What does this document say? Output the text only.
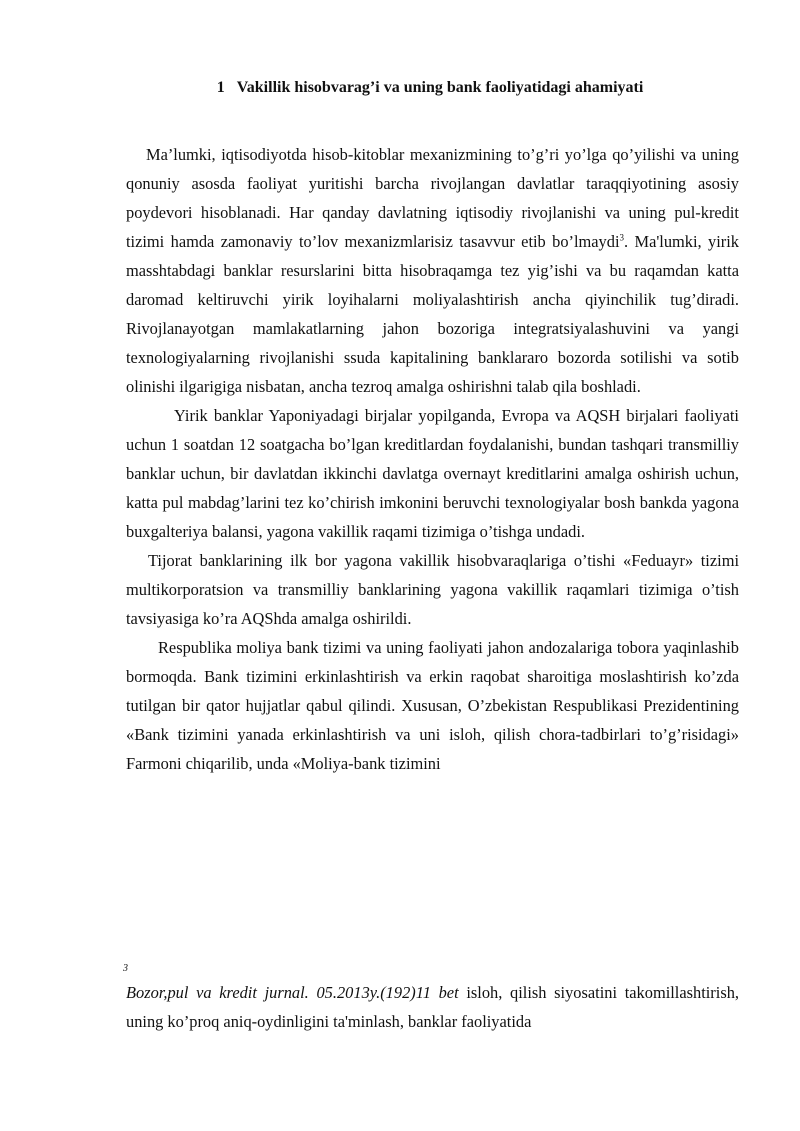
1 Vakillik hisobvarag’i va uning bank faoliyatidagi ahamiyati

Ma’lumki, iqtisodiyotda hisob-kitoblar mexanizmining to’g’ri yo’lga qo’yilishi va uning qonuniy asosda faoliyat yuritishi barcha rivojlangan davlatlar taraqqiyotining asosiy poydevori hisoblanadi. Har qanday davlatning iqtisodiy rivojlanishi va uning pul-kredit tizimi hamda zamonaviy to’lov mexanizmlarisiz tasavvur etib bo’lmaydi$^3$. Ma'lumki, yirik masshtabdagi banklar resurslarini bitta hisobraqamga tez yig’ishi va bu raqamdan katta daromad keltiruvchi yirik loyihalarni moliyalashtirish ancha qiyinchilik tug’diradi. Rivojlanayotgan mamlakatlarning jahon bozoriga integratsiyalashuvini va yangi texnologiyalarning rivojlanishi ssuda kapitalining banklararo bozorda sotilishi va sotib olinishi ilgarigiga nisbatan, ancha tezroq amalga oshirishni talab qila boshladi.

Yirik banklar Yaponiyadagi birjalar yopilganda, Evropa va AQSH birjalari faoliyati uchun 1 soatdan 12 soatgacha bo’lgan kreditlardan foydalanishi, bundan tashqari transmilliy banklar uchun, bir davlatdan ikkinchi davlatga overnayt kreditlarini amalga oshirish uchun, katta pul mabdag’larini tez ko’chirish imkonini beruvchi texnologiyalar bosh bankda yagona buxgalteriya balansi, yagona vakillik raqami tizimiga o’tishga undadi.

Tijorat banklarining ilk bor yagona vakillik hisobvaraqlariga o’tishi «Feduayr» tizimi multikorporatsion va transmilliy banklarining yagona vakillik raqamlari tizimiga o’tish tavsiyasiga ko’ra AQShda amalga oshirildi.

Respublika moliya bank tizimi va uning faoliyati jahon andozalariga tobora yaqinlashib bormoqda. Bank tizimini erkinlashtirish va erkin raqobat sharoitiga moslashtirish ko’zda tutilgan bir qator hujjatlar qabul qilindi. Xususan, O’zbekistan Respublikasi Prezidentining «Bank tizimini yanada erkinlashtirish va uni isloh, qilish chora-tadbirlari to’g’risidagi» Farmoni chiqarilib, unda «Moliya-bank tizimini

3

Bozor,pul va kredit jurnal. 05.2013y.(192)11 bet isloh, qilish siyosatini takomillashtirish, uning ko’proq aniq-oydinligini ta'minlash, banklar faoliyatida
